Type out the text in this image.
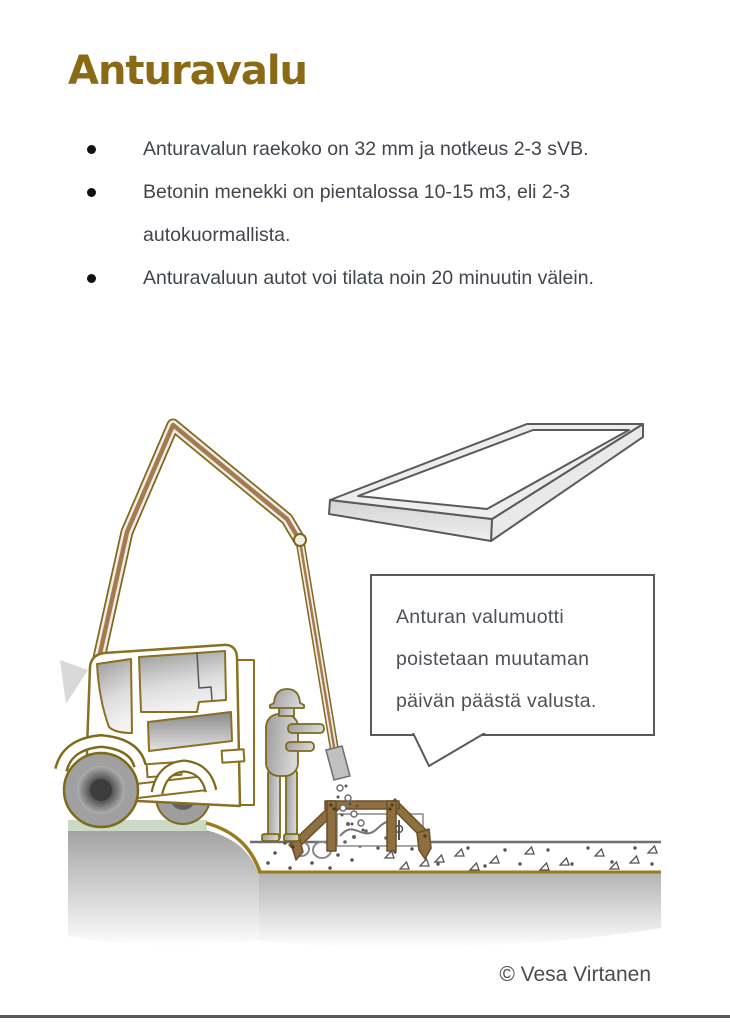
Anturavalu
Anturavalun raekoko on 32 mm ja notkeus 2-3 sVB.
Betonin menekki on pientalossa 10-15 m3, eli 2-3 autokuormallista.
Anturavaluun autot voi tilata noin 20 minuutin välein.
Anturan valumuotti poistetaan muutaman päivän päästä valusta.
© Vesa Virtanen
